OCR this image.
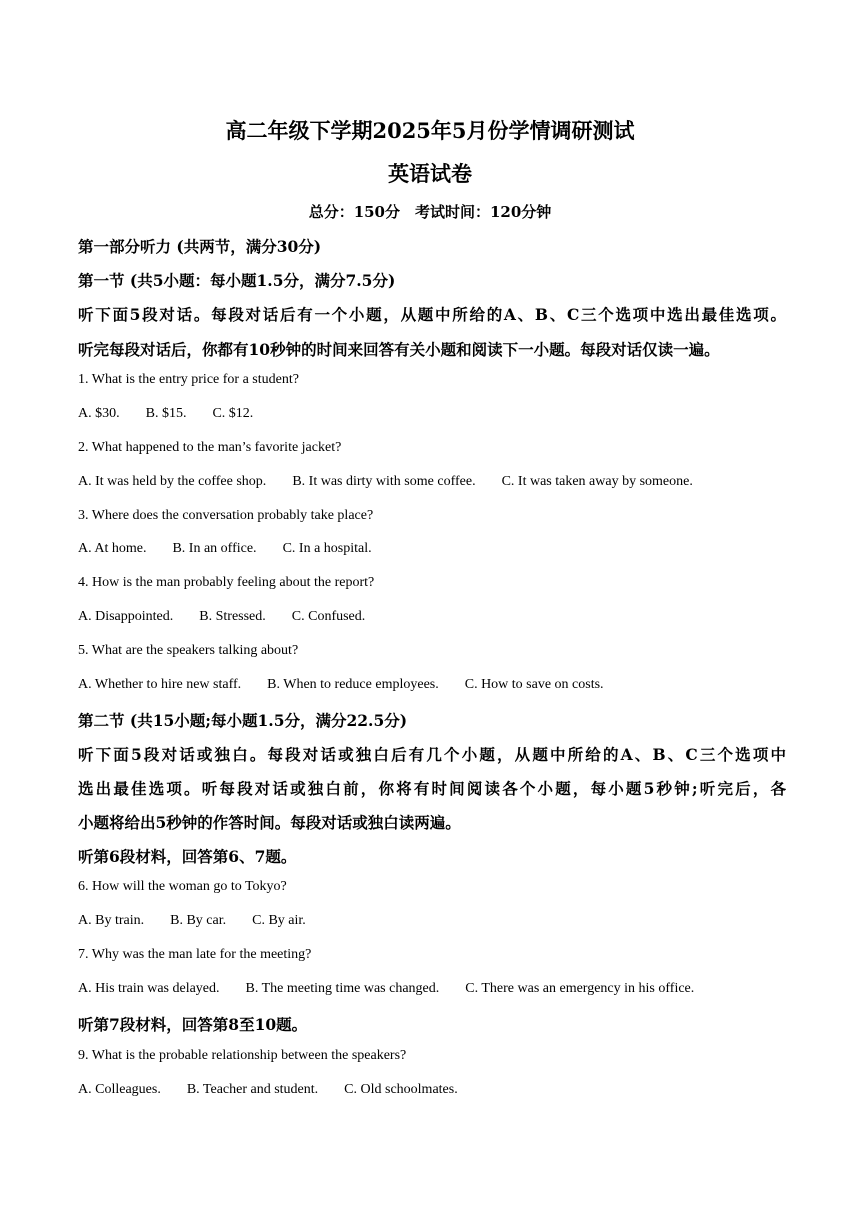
高二年级下学期2025年5月份学情调研测试
英语试卷
总分：150分　考试时间：120分钟
第一部分听力 (共两节，满分30分)
第一节 (共5小题：每小题1.5分，满分7.5分)
听下面5段对话。每段对话后有一个小题，从题中所给的A、B、C三个选项中选出最佳选项。
听完每段对话后，你都有10秒钟的时间来回答有关小题和阅读下一小题。每段对话仅读一遍。
1. What is the entry price for a student?
A. $30. B. $15. C. $12.
2. What happened to the man’s favorite jacket?
A. It was held by the coffee shop. B. It was dirty with some coffee. C. It was taken away by someone.
3. Where does the conversation probably take place?
A. At home. B. In an office. C. In a hospital.
4. How is the man probably feeling about the report?
A. Disappointed. B. Stressed. C. Confused.
5. What are the speakers talking about?
A. Whether to hire new staff. B. When to reduce employees. C. How to save on costs.
第二节 (共15小题;每小题1.5分，满分22.5分)
听下面5段对话或独白。每段对话或独白后有几个小题，从题中所给的A、B、C三个选项中
选出最佳选项。听每段对话或独白前，你将有时间阅读各个小题，每小题5秒钟;听完后，各
小题将给出5秒钟的作答时间。每段对话或独白读两遍。
听第6段材料，回答第6、7题。
6. How will the woman go to Tokyo?
A. By train. B. By car. C. By air.
7. Why was the man late for the meeting?
A. His train was delayed. B. The meeting time was changed. C. There was an emergency in his office.
听第7段材料，回答第8至10题。
9. What is the probable relationship between the speakers?
A. Colleagues. B. Teacher and student. C. Old schoolmates.
